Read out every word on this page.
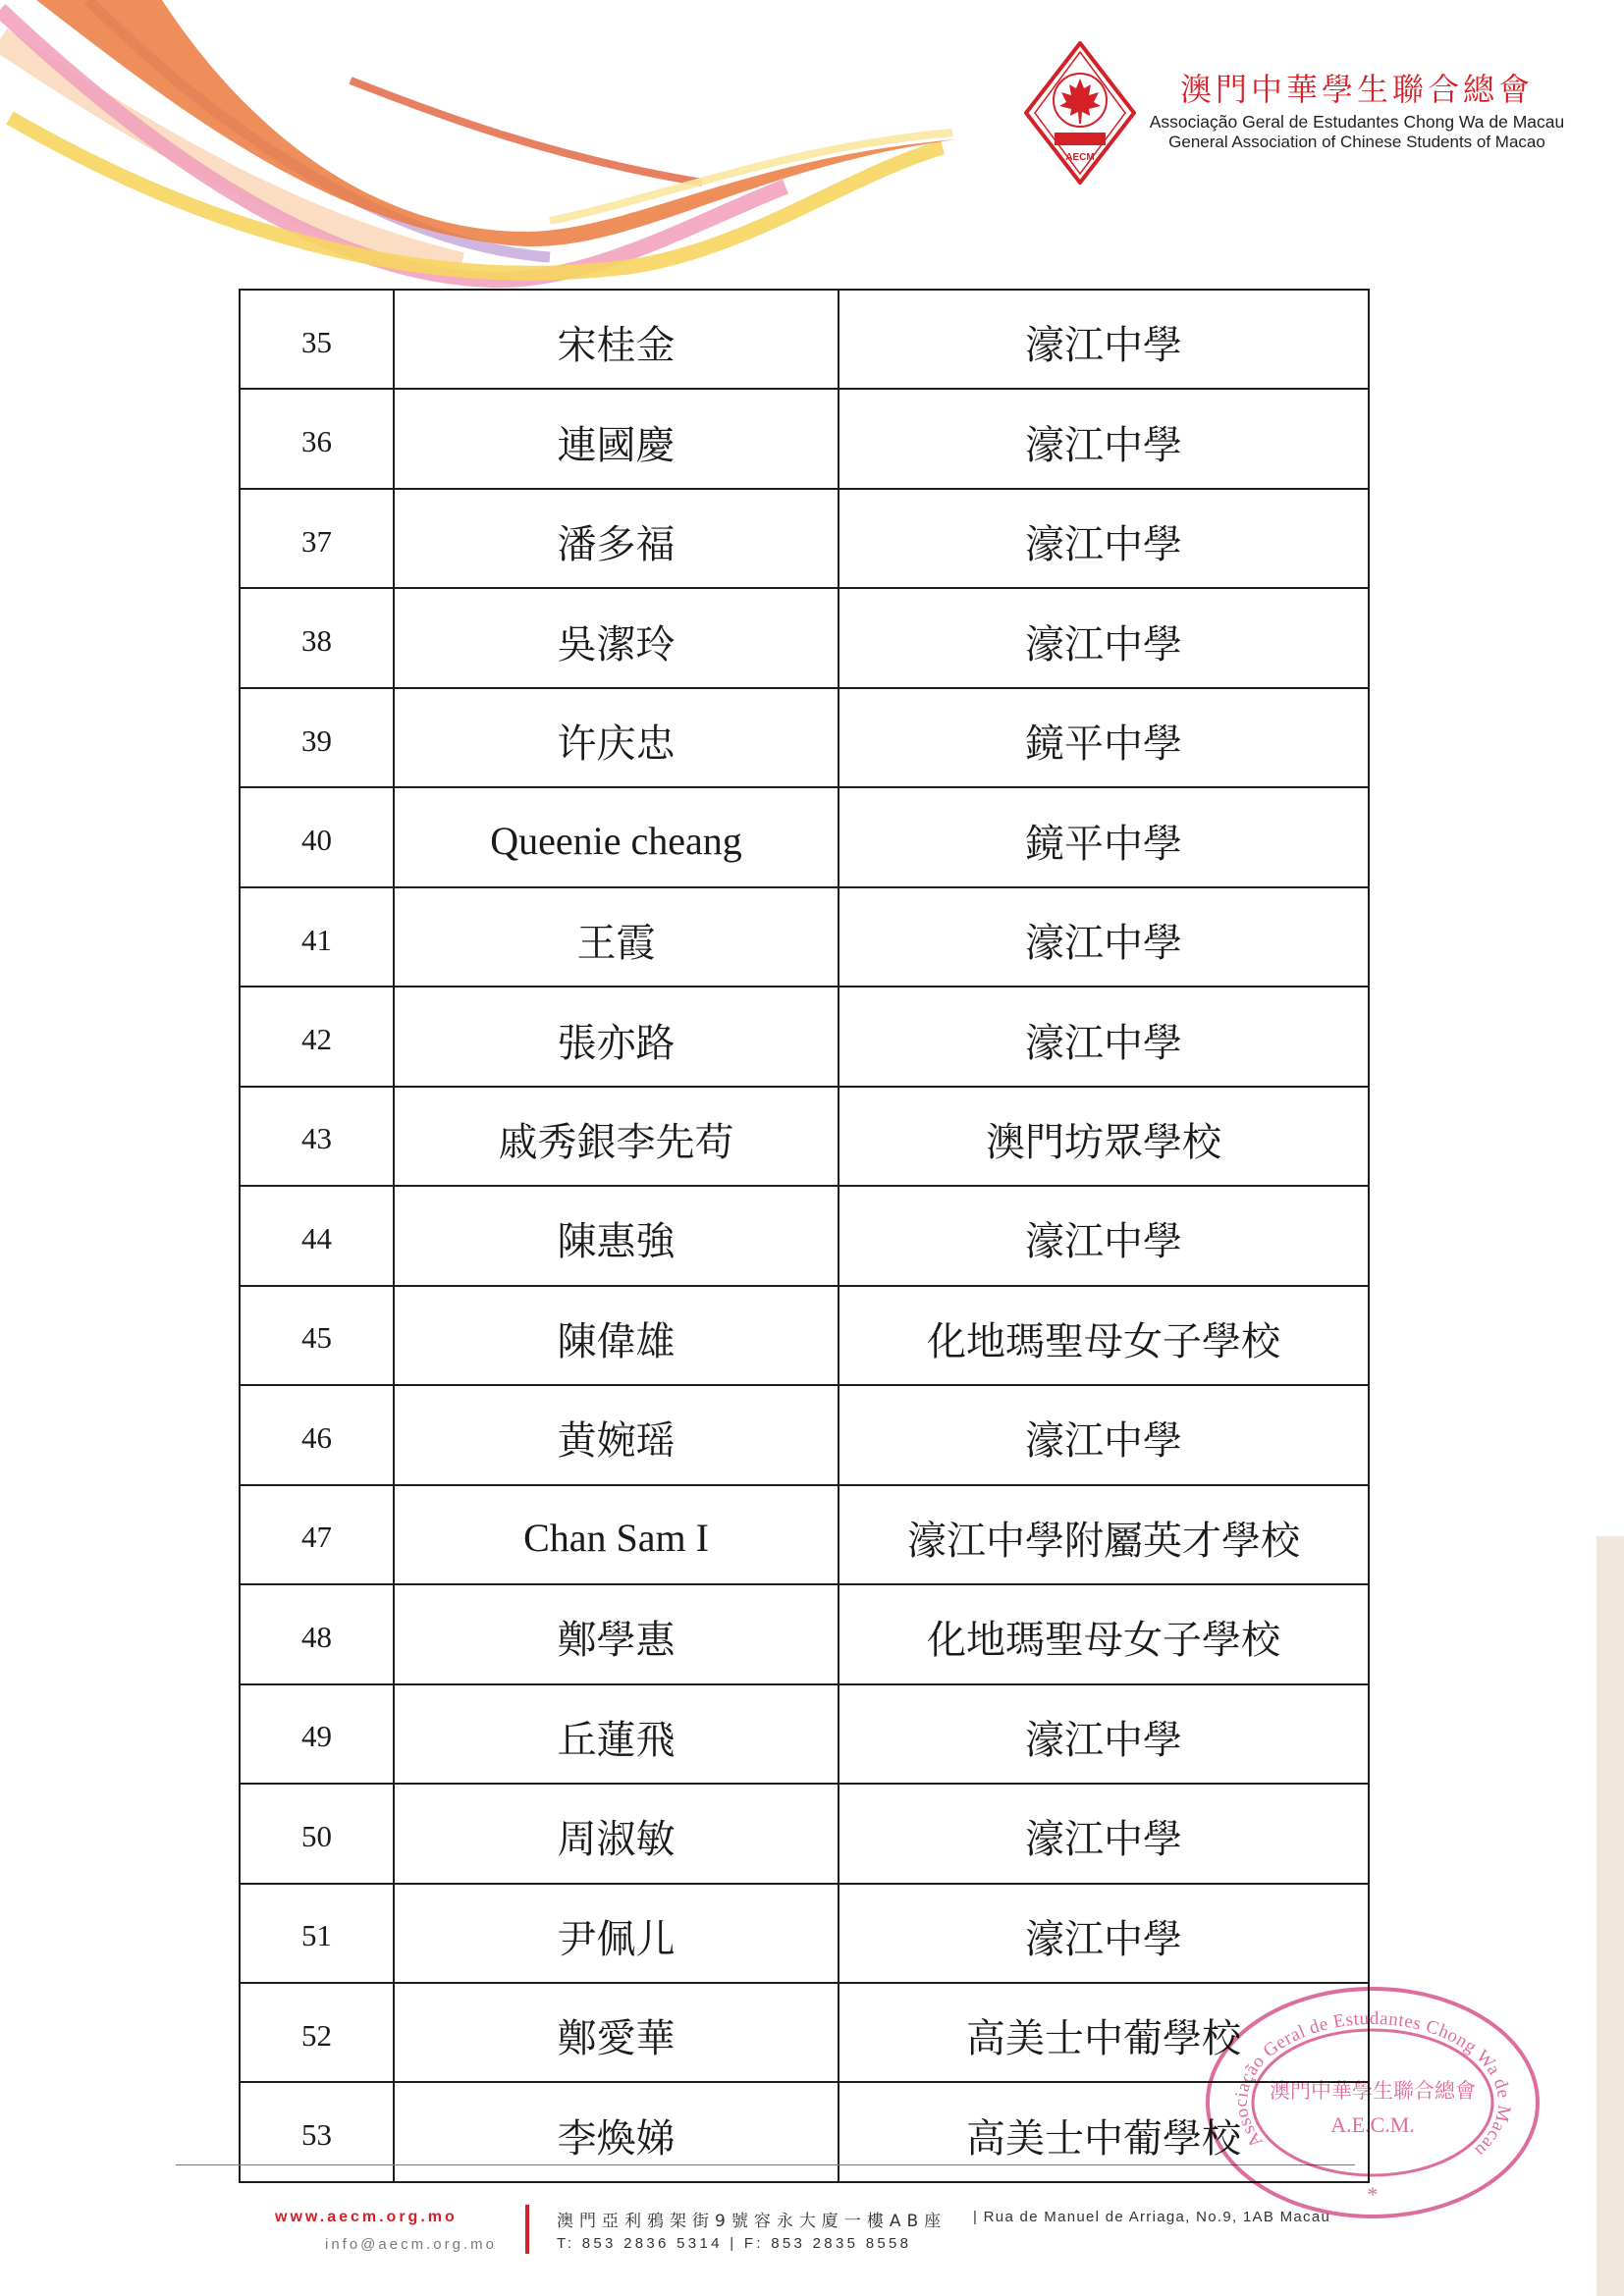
AECM
澳門中華學生聯合總會
Associação Geral de Estudantes Chong Wa de Macau
General Association of Chinese Students of Macao
35	宋桂金	濠江中學
36	連國慶	濠江中學
37	潘多福	濠江中學
38	吳潔玲	濠江中學
39	许庆忠	鏡平中學
40	Queenie cheang	鏡平中學
41	王霞	濠江中學
42	張亦路	濠江中學
43	戚秀銀李先苟	澳門坊眾學校
44	陳惠強	濠江中學
45	陳偉雄	化地瑪聖母女子學校
46	黄婉瑶	濠江中學
47	Chan Sam I	濠江中學附屬英才學校
48	鄭學惠	化地瑪聖母女子學校
49	丘蓮飛	濠江中學
50	周淑敏	濠江中學
51	尹佩儿	濠江中學
52	鄭愛華	高美士中葡學校
53	李煥娣	高美士中葡學校
www.aecm.org.mo
info@aecm.org.mo
澳門亞利鴉架街9號容永大廈一樓AB座 | Rua de Manuel de Arriaga, No.9, 1AB Macau
T: 853 2836 5314 | F: 853 2835 8558
Associação Geral de Estudantes Chong Wa de Macau
澳門中華學生聯合總會
A.E.C.M.
*
